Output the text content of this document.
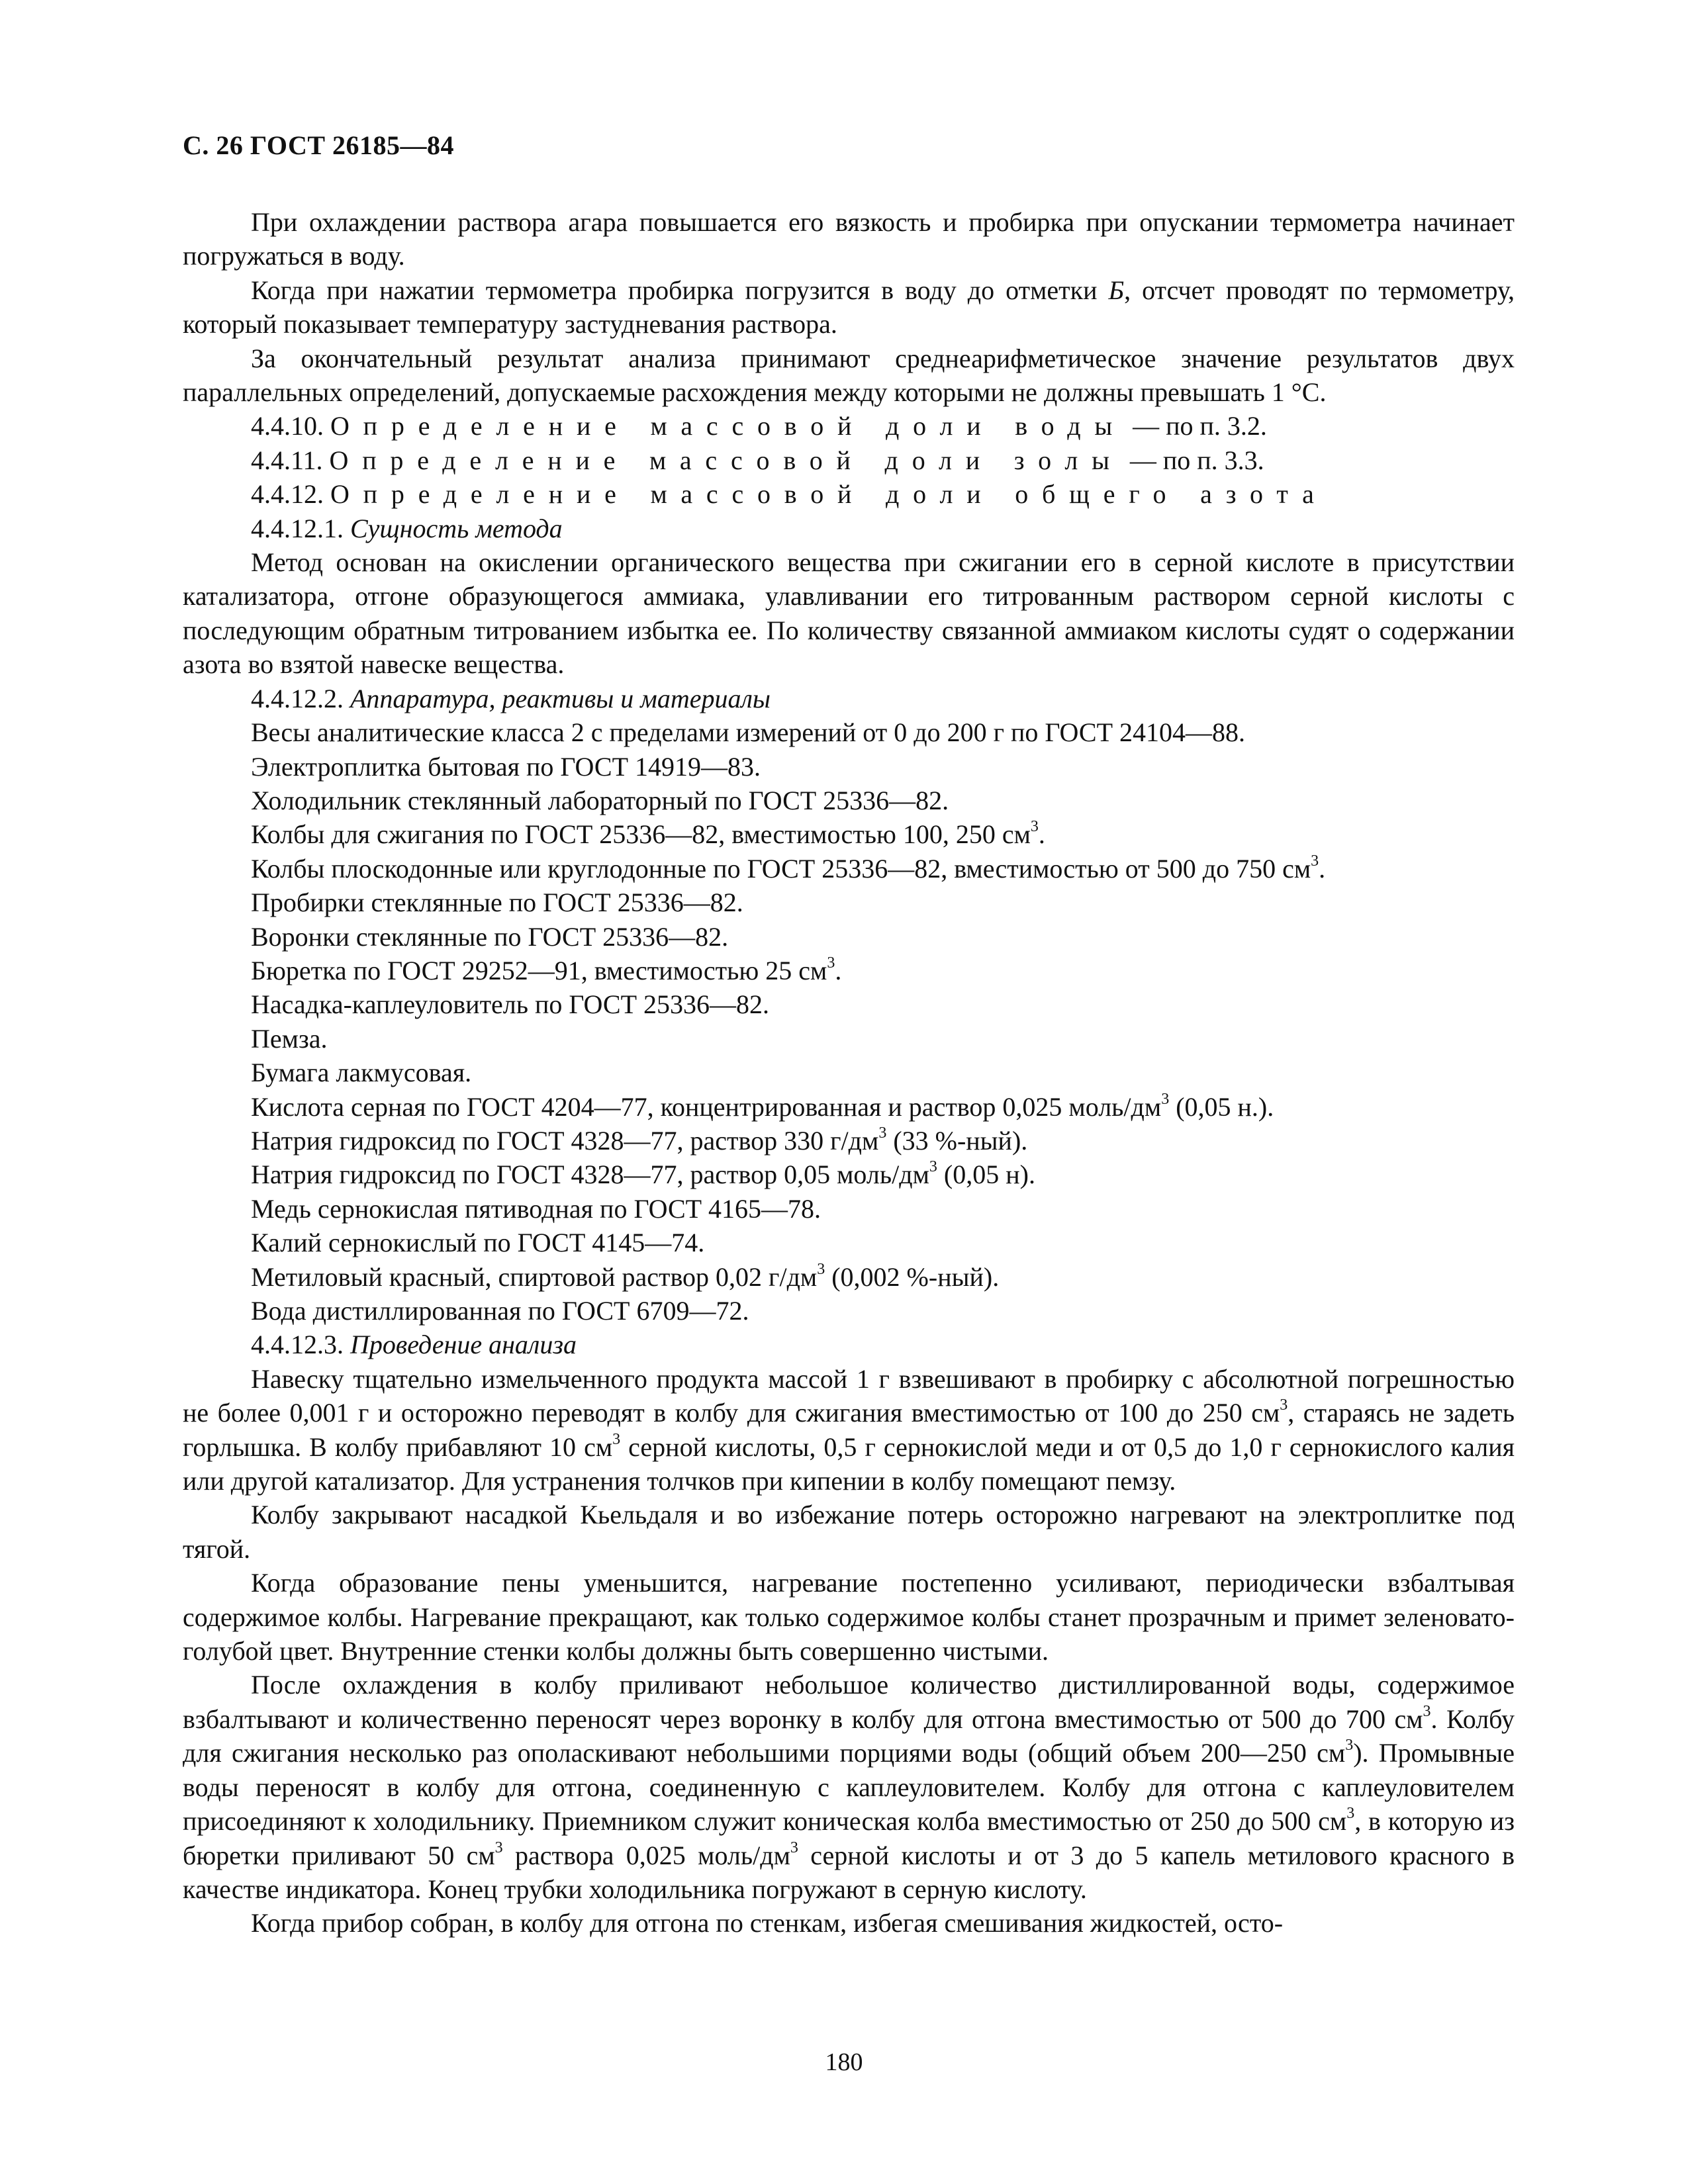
С. 26 ГОСТ 26185—84

При охлаждении раствора агара повышается его вязкость и пробирка при опускании термометра начинает погружаться в воду.

Когда при нажатии термометра пробирка погрузится в воду до отметки Б, отсчет проводят по термометру, который показывает температуру застудневания раствора.

За окончательный результат анализа принимают среднеарифметическое значение результатов двух параллельных определений, допускаемые расхождения между которыми не должны превышать 1 °С.

4.4.10. Определение массовой доли воды — по п. 3.2.

4.4.11. Определение массовой доли золы — по п. 3.3.

4.4.12. Определение массовой доли общего азота

4.4.12.1. Сущность метода

Метод основан на окислении органического вещества при сжигании его в серной кислоте в присутствии катализатора, отгоне образующегося аммиака, улавливании его титрованным раствором серной кислоты с последующим обратным титрованием избытка ее. По количеству связанной аммиаком кислоты судят о содержании азота во взятой навеске вещества.

4.4.12.2. Аппаратура, реактивы и материалы

Весы аналитические класса 2 с пределами измерений от 0 до 200 г по ГОСТ 24104—88.

Электроплитка бытовая по ГОСТ 14919—83.

Холодильник стеклянный лабораторный по ГОСТ 25336—82.

Колбы для сжигания по ГОСТ 25336—82, вместимостью 100, 250 $см^3$.

Колбы плоскодонные или круглодонные по ГОСТ 25336—82, вместимостью от 500 до 750 $см^3$.

Пробирки стеклянные по ГОСТ 25336—82.

Воронки стеклянные по ГОСТ 25336—82.

Бюретка по ГОСТ 29252—91, вместимостью 25 $см^3$.

Насадка-каплеуловитель по ГОСТ 25336—82.

Пемза.

Бумага лакмусовая.

Кислота серная по ГОСТ 4204—77, концентрированная и раствор 0,025 моль/$дм^3$ (0,05 н.).

Натрия гидроксид по ГОСТ 4328—77, раствор 330 $г/дм^3$ (33 %-ный).

Натрия гидроксид по ГОСТ 4328—77, раствор 0,05 моль/$дм^3$ (0,05 н).

Медь сернокислая пятиводная по ГОСТ 4165—78.

Калий сернокислый по ГОСТ 4145—74.

Метиловый красный, спиртовой раствор 0,02 $г/дм^3$ (0,002 %-ный).

Вода дистиллированная по ГОСТ 6709—72.

4.4.12.3. Проведение анализа

Навеску тщательно измельченного продукта массой 1 г взвешивают в пробирку с абсолютной погрешностью не более 0,001 г и осторожно переводят в колбу для сжигания вместимостью от 100 до 250 $см^3$, стараясь не задеть горлышка. В колбу прибавляют 10 $см^3$ серной кислоты, 0,5 г сернокислой меди и от 0,5 до 1,0 г сернокислого калия или другой катализатор. Для устранения толчков при кипении в колбу помещают пемзу.

Колбу закрывают насадкой Кьельдаля и во избежание потерь осторожно нагревают на электроплитке под тягой.

Когда образование пены уменьшится, нагревание постепенно усиливают, периодически взбалтывая содержимое колбы. Нагревание прекращают, как только содержимое колбы станет прозрачным и примет зеленовато-голубой цвет. Внутренние стенки колбы должны быть совершенно чистыми.

После охлаждения в колбу приливают небольшое количество дистиллированной воды, содержимое взбалтывают и количественно переносят через воронку в колбу для отгона вместимостью от 500 до 700 $см^3$. Колбу для сжигания несколько раз ополаскивают небольшими порциями воды (общий объем 200—250 $см^3$). Промывные воды переносят в колбу для отгона, соединенную с каплеуловителем. Колбу для отгона с каплеуловителем присоединяют к холодильнику. Приемником служит коническая колба вместимостью от 250 до 500 $см^3$, в которую из бюретки приливают 50 $см^3$ раствора 0,025 моль/$дм^3$ серной кислоты и от 3 до 5 капель метилового красного в качестве индикатора. Конец трубки холодильника погружают в серную кислоту.

Когда прибор собран, в колбу для отгона по стенкам, избегая смешивания жидкостей, осто-

180
